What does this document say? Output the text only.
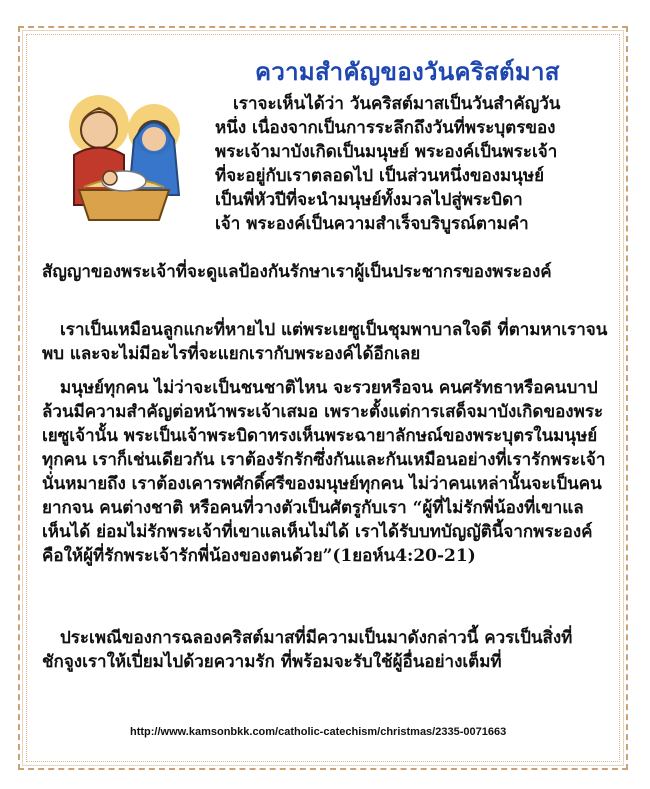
ความสำคัญของวันคริสต์มาส
เราจะเห็นได้ว่า วันคริสต์มาสเป็นวันสำคัญวัน
หนึ่ง เนื่องจากเป็นการระลึกถึงวันที่พระบุตรของ
พระเจ้ามาบังเกิดเป็นมนุษย์ พระองค์เป็นพระเจ้า
ที่จะอยู่กับเราตลอดไป เป็นส่วนหนึ่งของมนุษย์
เป็นพี่หัวปีที่จะนำมนุษย์ทั้งมวลไปสู่พระบิดา
เจ้า พระองค์เป็นความสำเร็จบริบูรณ์ตามคำ
สัญญาของพระเจ้าที่จะดูแลป้องกันรักษาเราผู้เป็นประชากรของพระองค์
เราเป็นเหมือนลูกแกะที่หายไป แต่พระเยซูเป็นชุมพาบาลใจดี ที่ตามหาเราจนพบ และจะไม่มีอะไรที่จะแยกเรากับพระองค์ได้อีกเลย
มนุษย์ทุกคน ไม่ว่าจะเป็นชนชาติไหน จะรวยหรือจน คนศรัทธาหรือคนบาป ล้วนมีความสำคัญต่อหน้าพระเจ้าเสมอ เพราะตั้งแต่การเสด็จมาบังเกิดของพระเยซูเจ้านั้น พระเป็นเจ้าพระบิดาทรงเห็นพระฉายาลักษณ์ของพระบุตรในมนุษย์ทุกคน เราก็เช่นเดียวกัน เราต้องรักรักซึ่งกันและกันเหมือนอย่างที่เรารักพระเจ้า นั่นหมายถึง เราต้องเคารพศักดิ์ศรีของมนุษย์ทุกคน ไม่ว่าคนเหล่านั้นจะเป็นคนยากจน คนต่างชาติ หรือคนที่วางตัวเป็นศัตรูกับเรา “ผู้ที่ไม่รักพี่น้องที่เขาแลเห็นได้ ย่อมไม่รักพระเจ้าที่เขาแลเห็นไม่ได้ เราได้รับบทบัญญัตินี้จากพระองค์ คือให้ผู้ที่รักพระเจ้ารักพี่น้องของตนด้วย”(1ยอห์น4:20-21)
ประเพณีของการฉลองคริสต์มาสที่มีความเป็นมาดังกล่าวนี้ ควรเป็นสิ่งที่ชักจูงเราให้เปี่ยมไปด้วยความรัก ที่พร้อมจะรับใช้ผู้อื่นอย่างเต็มที่
http://www.kamsonbkk.com/catholic-catechism/christmas/2335-0071663
